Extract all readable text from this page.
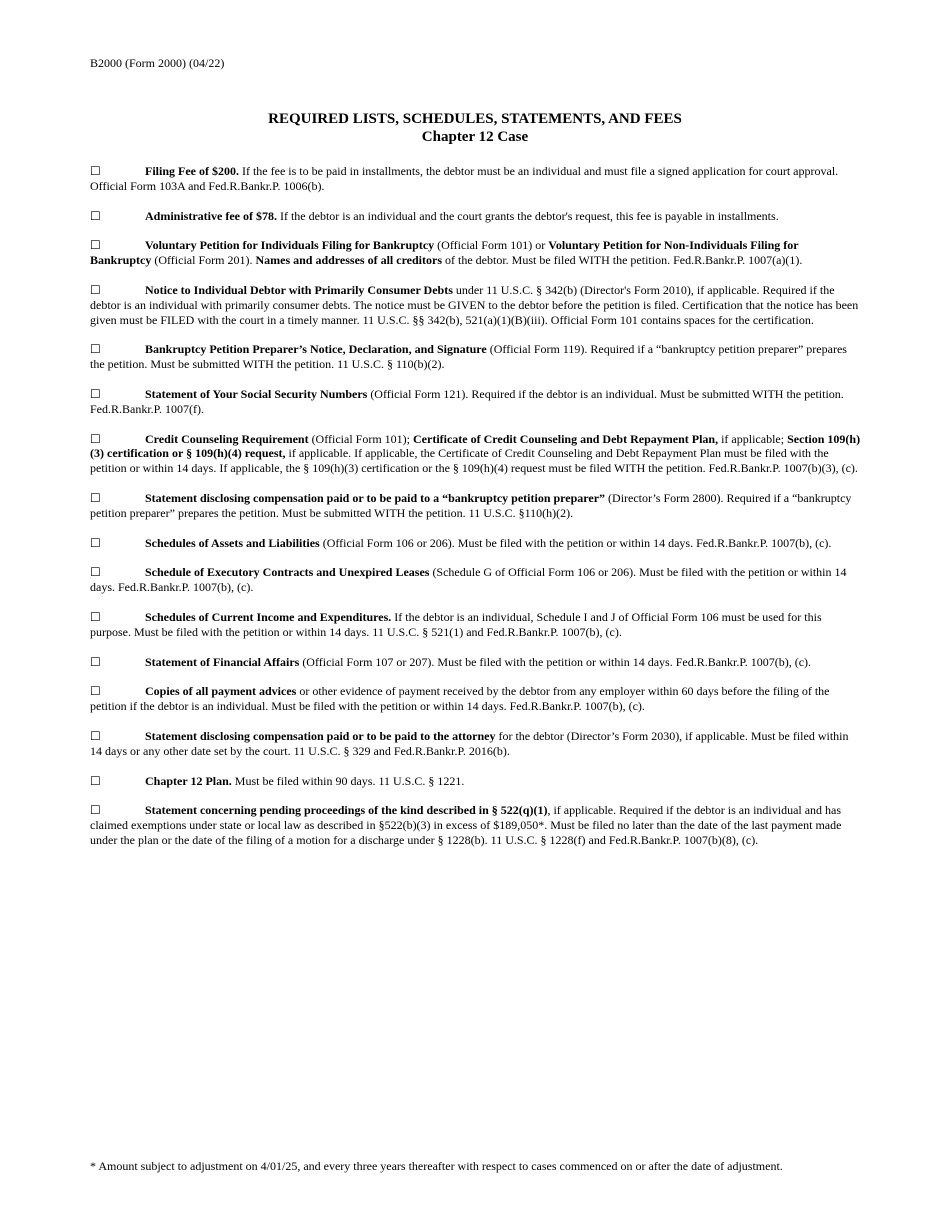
B2000 (Form 2000) (04/22)
REQUIRED LISTS, SCHEDULES, STATEMENTS, AND FEES
Chapter 12 Case

☐	Filing Fee of $200. If the fee is to be paid in installments, the debtor must be an individual and must file a signed application for court approval. Official Form 103A and Fed.R.Bankr.P. 1006(b).

☐	Administrative fee of $78. If the debtor is an individual and the court grants the debtor's request, this fee is payable in installments.

☐	Voluntary Petition for Individuals Filing for Bankruptcy (Official Form 101) or Voluntary Petition for Non-Individuals Filing for Bankruptcy (Official Form 201). Names and addresses of all creditors of the debtor. Must be filed WITH the petition. Fed.R.Bankr.P. 1007(a)(1).

☐	Notice to Individual Debtor with Primarily Consumer Debts under 11 U.S.C. § 342(b) (Director's Form 2010), if applicable. Required if the debtor is an individual with primarily consumer debts. The notice must be GIVEN to the debtor before the petition is filed. Certification that the notice has been given must be FILED with the court in a timely manner. 11 U.S.C. §§ 342(b), 521(a)(1)(B)(iii). Official Form 101 contains spaces for the certification.

☐	Bankruptcy Petition Preparer’s Notice, Declaration, and Signature (Official Form 119). Required if a “bankruptcy petition preparer” prepares the petition. Must be submitted WITH the petition. 11 U.S.C. § 110(b)(2).

☐	Statement of Your Social Security Numbers (Official Form 121). Required if the debtor is an individual. Must be submitted WITH the petition. Fed.R.Bankr.P. 1007(f).

☐	Credit Counseling Requirement (Official Form 101); Certificate of Credit Counseling and Debt Repayment Plan, if applicable; Section 109(h)(3) certification or § 109(h)(4) request, if applicable. If applicable, the Certificate of Credit Counseling and Debt Repayment Plan must be filed with the petition or within 14 days. If applicable, the § 109(h)(3) certification or the § 109(h)(4) request must be filed WITH the petition. Fed.R.Bankr.P. 1007(b)(3), (c).

☐	Statement disclosing compensation paid or to be paid to a “bankruptcy petition preparer” (Director’s Form 2800). Required if a “bankruptcy petition preparer” prepares the petition. Must be submitted WITH the petition. 11 U.S.C. §110(h)(2).

☐	Schedules of Assets and Liabilities (Official Form 106 or 206). Must be filed with the petition or within 14 days. Fed.R.Bankr.P. 1007(b), (c).

☐	Schedule of Executory Contracts and Unexpired Leases (Schedule G of Official Form 106 or 206). Must be filed with the petition or within 14 days. Fed.R.Bankr.P. 1007(b), (c).

☐	Schedules of Current Income and Expenditures. If the debtor is an individual, Schedule I and J of Official Form 106 must be used for this purpose. Must be filed with the petition or within 14 days. 11 U.S.C. § 521(1) and Fed.R.Bankr.P. 1007(b), (c).

☐	Statement of Financial Affairs (Official Form 107 or 207). Must be filed with the petition or within 14 days. Fed.R.Bankr.P. 1007(b), (c).

☐	Copies of all payment advices or other evidence of payment received by the debtor from any employer within 60 days before the filing of the petition if the debtor is an individual. Must be filed with the petition or within 14 days. Fed.R.Bankr.P. 1007(b), (c).

☐	Statement disclosing compensation paid or to be paid to the attorney for the debtor (Director’s Form 2030), if applicable. Must be filed within 14 days or any other date set by the court. 11 U.S.C. § 329 and Fed.R.Bankr.P. 2016(b).

☐	Chapter 12 Plan. Must be filed within 90 days. 11 U.S.C. § 1221.

☐	Statement concerning pending proceedings of the kind described in § 522(q)(1), if applicable. Required if the debtor is an individual and has claimed exemptions under state or local law as described in §522(b)(3) in excess of $189,050*. Must be filed no later than the date of the last payment made under the plan or the date of the filing of a motion for a discharge under § 1228(b). 11 U.S.C. § 1228(f) and Fed.R.Bankr.P. 1007(b)(8), (c).

* Amount subject to adjustment on 4/01/25, and every three years thereafter with respect to cases commenced on or after the date of adjustment.
